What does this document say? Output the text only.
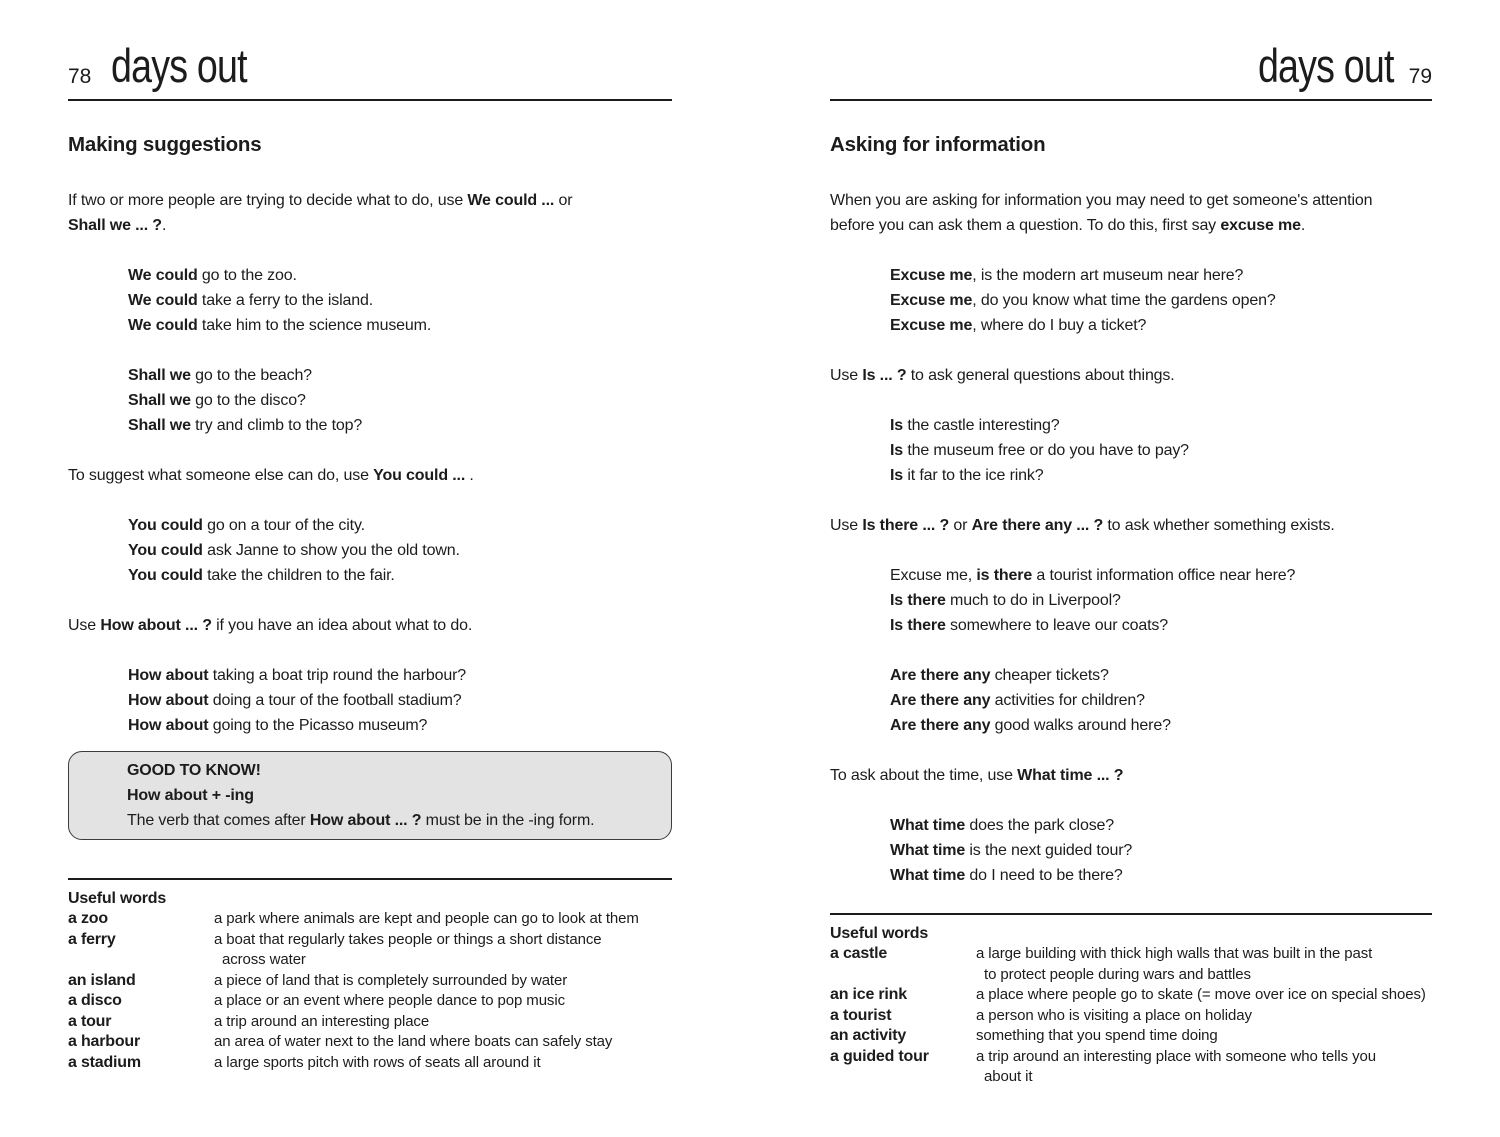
78 days out
Making suggestions
If two or more people are trying to decide what to do, use We could ... or
Shall we ... ?.
We could go to the zoo.
We could take a ferry to the island.
We could take him to the science museum.
Shall we go to the beach?
Shall we go to the disco?
Shall we try and climb to the top?
To suggest what someone else can do, use You could ... .
You could go on a tour of the city.
You could ask Janne to show you the old town.
You could take the children to the fair.
Use How about ... ? if you have an idea about what to do.
How about taking a boat trip round the harbour?
How about doing a tour of the football stadium?
How about going to the Picasso museum?
GOOD TO KNOW!
How about + -ing
The verb that comes after How about ... ? must be in the -ing form.
Useful words
a zoo	a park where animals are kept and people can go to look at them
a ferry	a boat that regularly takes people or things a short distance
across water
an island	a piece of land that is completely surrounded by water
a disco	a place or an event where people dance to pop music
a tour	a trip around an interesting place
a harbour	an area of water next to the land where boats can safely stay
a stadium	a large sports pitch with rows of seats all around it
days out 79
Asking for information
When you are asking for information you may need to get someone's attention
before you can ask them a question. To do this, first say excuse me.
Excuse me, is the modern art museum near here?
Excuse me, do you know what time the gardens open?
Excuse me, where do I buy a ticket?
Use Is ... ? to ask general questions about things.
Is the castle interesting?
Is the museum free or do you have to pay?
Is it far to the ice rink?
Use Is there ... ? or Are there any ... ? to ask whether something exists.
Excuse me, is there a tourist information office near here?
Is there much to do in Liverpool?
Is there somewhere to leave our coats?
Are there any cheaper tickets?
Are there any activities for children?
Are there any good walks around here?
To ask about the time, use What time ... ?
What time does the park close?
What time is the next guided tour?
What time do I need to be there?
Useful words
a castle	a large building with thick high walls that was built in the past
to protect people during wars and battles
an ice rink	a place where people go to skate (= move over ice on special shoes)
a tourist	a person who is visiting a place on holiday
an activity	something that you spend time doing
a guided tour	a trip around an interesting place with someone who tells you
about it
